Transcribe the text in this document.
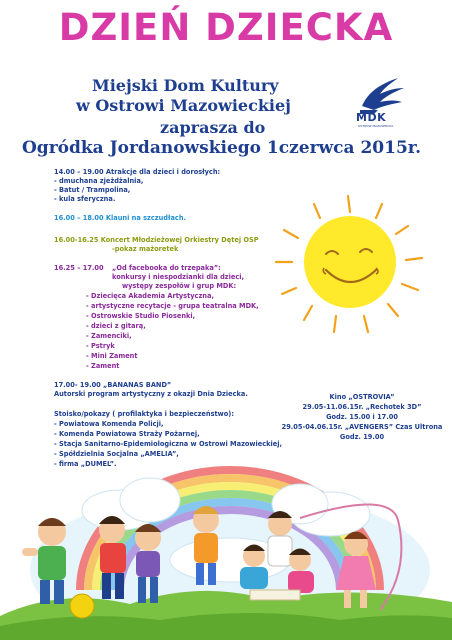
DZIEŃ DZIECKA
Miejski Dom Kultury
w Ostrowi Mazowieckiej
zaprasza do
Ogródka Jordanowskiego 1czerwca 2015r.
MDK
OSTRÓW MAZOWIECKA
14.00 – 19.00 Atrakcje dla dzieci i dorosłych:
- dmuchana zjeżdżalnia,
- Batut / Trampolina,
- kula sferyczna.
16.00 – 18.00 Klauni na szczudłach.
16.00-16.25 Koncert Młodzieżowej Orkiestry Dętej OSP
-pokaz mażoretek
16.25 – 17.00 „Od facebooka do trzepaka”:
konkursy i niespodzianki dla dzieci,
występy zespołów i grup MDK:
- Dziecięca Akademia Artystyczna,
- artystyczne recytacje - grupa teatralna MDK,
- Ostrowskie Studio Piosenki,
- dzieci z gitarą,
- Zamenciki,
- Pstryk
- Mini Zament
- Zament
17.00- 19.00 „BANANAS BAND”
Autorski program artystyczny z okazji Dnia Dziecka.
Stoisko/pokazy ( profilaktyka i bezpieczeństwo):
- Powiatowa Komenda Policji,
- Komenda Powiatowa Straży Pożarnej,
- Stacja Sanitarno-Epidemiologiczna w Ostrowi Mazowieckiej,
- Spółdzielnia Socjalna „AMELIA”,
- firma „DUMEL”.
Kino „OSTROVIA”
29.05-11.06.15r. „Rechotek 3D”
Godz. 15.00 i 17.00
29.05-04.06.15r. „AVENGERS” Czas Ultrona
Godz. 19.00
